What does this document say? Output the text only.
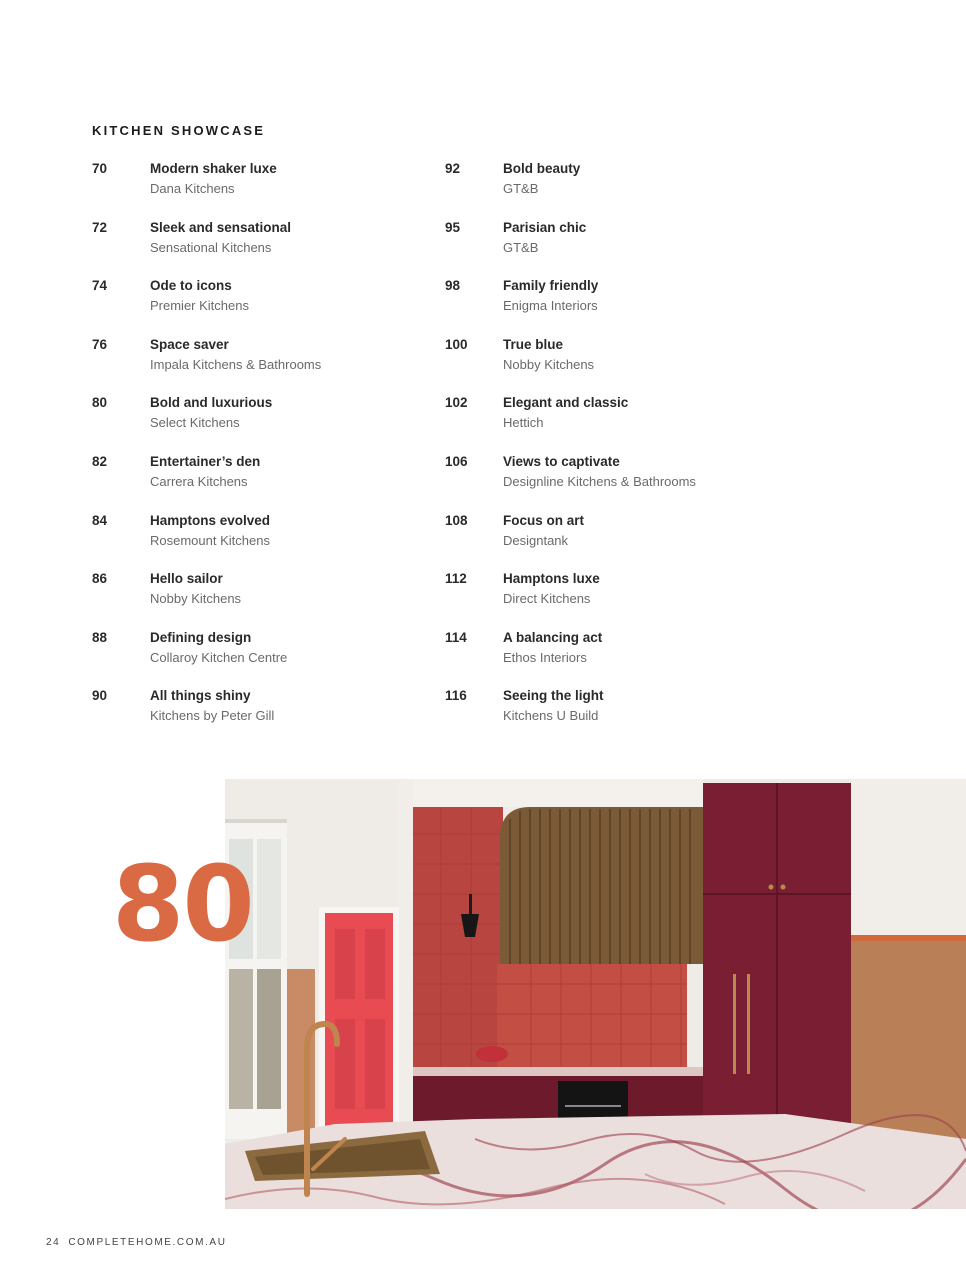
KITCHEN SHOWCASE
70	Modern shaker luxe
Dana Kitchens
72	Sleek and sensational
Sensational Kitchens
74	Ode to icons
Premier Kitchens
76	Space saver
Impala Kitchens & Bathrooms
80	Bold and luxurious
Select Kitchens
82	Entertainer’s den
Carrera Kitchens
84	Hamptons evolved
Rosemount Kitchens
86	Hello sailor
Nobby Kitchens
88	Defining design
Collaroy Kitchen Centre
90	All things shiny
Kitchens by Peter Gill
92	Bold beauty
GT&B
95	Parisian chic
GT&B
98	Family friendly
Enigma Interiors
100	True blue
Nobby Kitchens
102	Elegant and classic
Hettich
106	Views to captivate
Designline Kitchens & Bathrooms
108	Focus on art
Designtank
112	Hamptons luxe
Direct Kitchens
114	A balancing act
Ethos Interiors
116	Seeing the light
Kitchens U Build
80
24 COMPLETEHOME.COM.AU
